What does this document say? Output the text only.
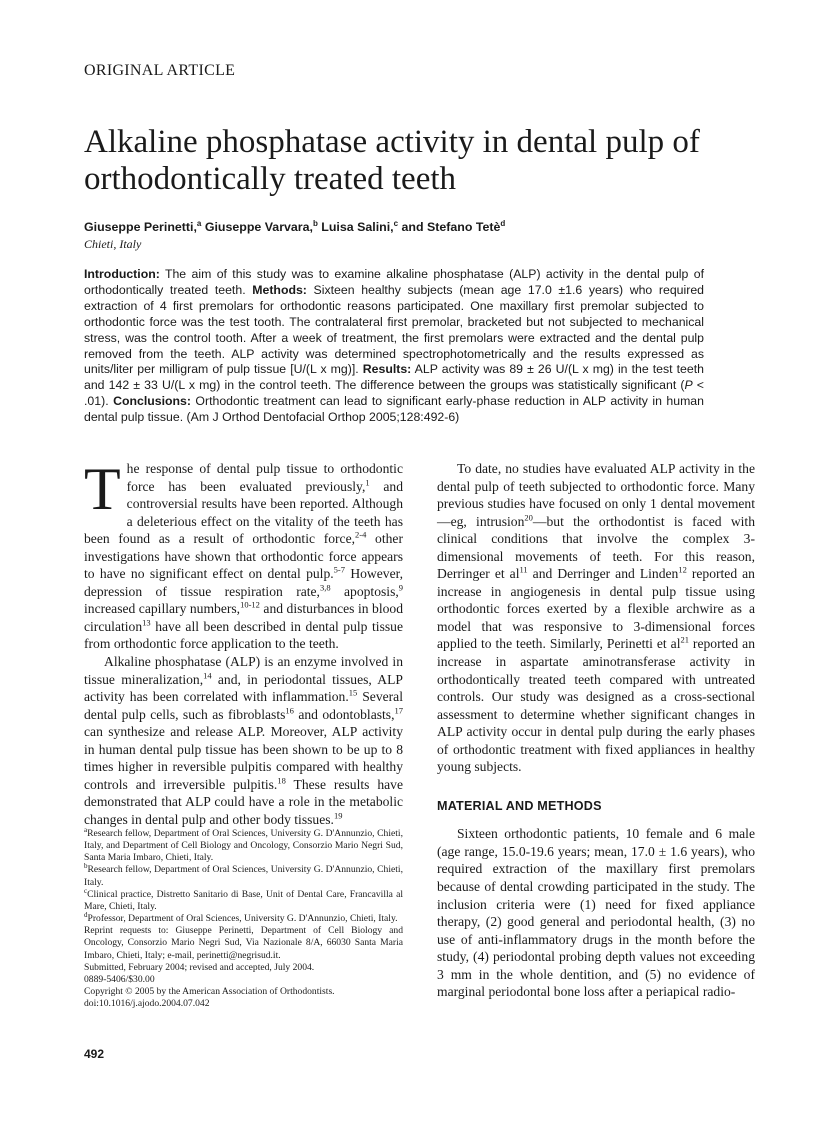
ORIGINAL ARTICLE
Alkaline phosphatase activity in dental pulp of orthodontically treated teeth
Giuseppe Perinetti,$^a$ Giuseppe Varvara,$^b$ Luisa Salini,$^c$ and Stefano Tetè$^d$
Chieti, Italy
Introduction: The aim of this study was to examine alkaline phosphatase (ALP) activity in the dental pulp of orthodontically treated teeth. Methods: Sixteen healthy subjects (mean age 17.0 ±1.6 years) who required extraction of 4 first premolars for orthodontic reasons participated. One maxillary first premolar subjected to orthodontic force was the test tooth. The contralateral first premolar, bracketed but not subjected to mechanical stress, was the control tooth. After a week of treatment, the first premolars were extracted and the dental pulp removed from the teeth. ALP activity was determined spectrophotometrically and the results expressed as units/liter per milligram of pulp tissue [U/(L x mg)]. Results: ALP activity was 89 ± 26 U/(L x mg) in the test teeth and 142 ± 33 U/(L x mg) in the control teeth. The difference between the groups was statistically significant (P < .01). Conclusions: Orthodontic treatment can lead to significant early-phase reduction in ALP activity in human dental pulp tissue. (Am J Orthod Dentofacial Orthop 2005;128:492-6)

The response of dental pulp tissue to orthodontic force has been evaluated previously,$^1$ and controversial results have been reported. Although a deleterious effect on the vitality of the teeth has been found as a result of orthodontic force,$^{2-4}$ other investigations have shown that orthodontic force appears to have no significant effect on dental pulp.$^{5-7}$ However, depression of tissue respiration rate,$^{3,8}$ apoptosis,$^9$ increased capillary numbers,$^{10-12}$ and disturbances in blood circulation$^{13}$ have all been described in dental pulp tissue from orthodontic force application to the teeth.

Alkaline phosphatase (ALP) is an enzyme involved in tissue mineralization,$^{14}$ and, in periodontal tissues, ALP activity has been correlated with inflammation.$^{15}$ Several dental pulp cells, such as fibroblasts$^{16}$ and odontoblasts,$^{17}$ can synthesize and release ALP. Moreover, ALP activity in human dental pulp tissue has been shown to be up to 8 times higher in reversible pulpitis compared with healthy controls and irreversible pulpitis.$^{18}$ These results have demonstrated that ALP could have a role in the metabolic changes in dental pulp and other body tissues.$^{19}$

To date, no studies have evaluated ALP activity in the dental pulp of teeth subjected to orthodontic force. Many previous studies have focused on only 1 dental movement—eg, intrusion$^{20}$—but the orthodontist is faced with clinical conditions that involve the complex 3-dimensional movements of teeth. For this reason, Derringer et $al^{11}$ and Derringer and Linden$^{12}$ reported an increase in angiogenesis in dental pulp tissue using orthodontic forces exerted by a flexible archwire as a model that was responsive to 3-dimensional forces applied to the teeth. Similarly, Perinetti et $al^{21}$ reported an increase in aspartate aminotransferase activity in orthodontically treated teeth compared with untreated controls. Our study was designed as a cross-sectional assessment to determine whether significant changes in ALP activity occur in dental pulp during the early phases of orthodontic treatment with fixed appliances in healthy young subjects.

MATERIAL AND METHODS

Sixteen orthodontic patients, 10 female and 6 male (age range, 15.0-19.6 years; mean, 17.0 ± 1.6 years), who required extraction of the maxillary first premolars because of dental crowding participated in the study. The inclusion criteria were (1) need for fixed appliance therapy, (2) good general and periodontal health, (3) no use of anti-inflammatory drugs in the month before the study, (4) periodontal probing depth values not exceeding 3 mm in the whole dentition, and (5) no evidence of marginal periodontal bone loss after a periapical radio-

$^a$Research fellow, Department of Oral Sciences, University G. D'Annunzio, Chieti, Italy, and Department of Cell Biology and Oncology, Consorzio Mario Negri Sud, Santa Maria Imbaro, Chieti, Italy.

$^b$Research fellow, Department of Oral Sciences, University G. D'Annunzio, Chieti, Italy.

$^c$Clinical practice, Distretto Sanitario di Base, Unit of Dental Care, Francavilla al Mare, Chieti, Italy.

$^d$Professor, Department of Oral Sciences, University G. D'Annunzio, Chieti, Italy.

Reprint requests to: Giuseppe Perinetti, Department of Cell Biology and Oncology, Consorzio Mario Negri Sud, Via Nazionale 8/A, 66030 Santa Maria Imbaro, Chieti, Italy; e-mail, perinetti@negrisud.it.

Submitted, February 2004; revised and accepted, July 2004.

0889-5406/$30.00

Copyright © 2005 by the American Association of Orthodontists.

doi:10.1016/j.ajodo.2004.07.042

492
